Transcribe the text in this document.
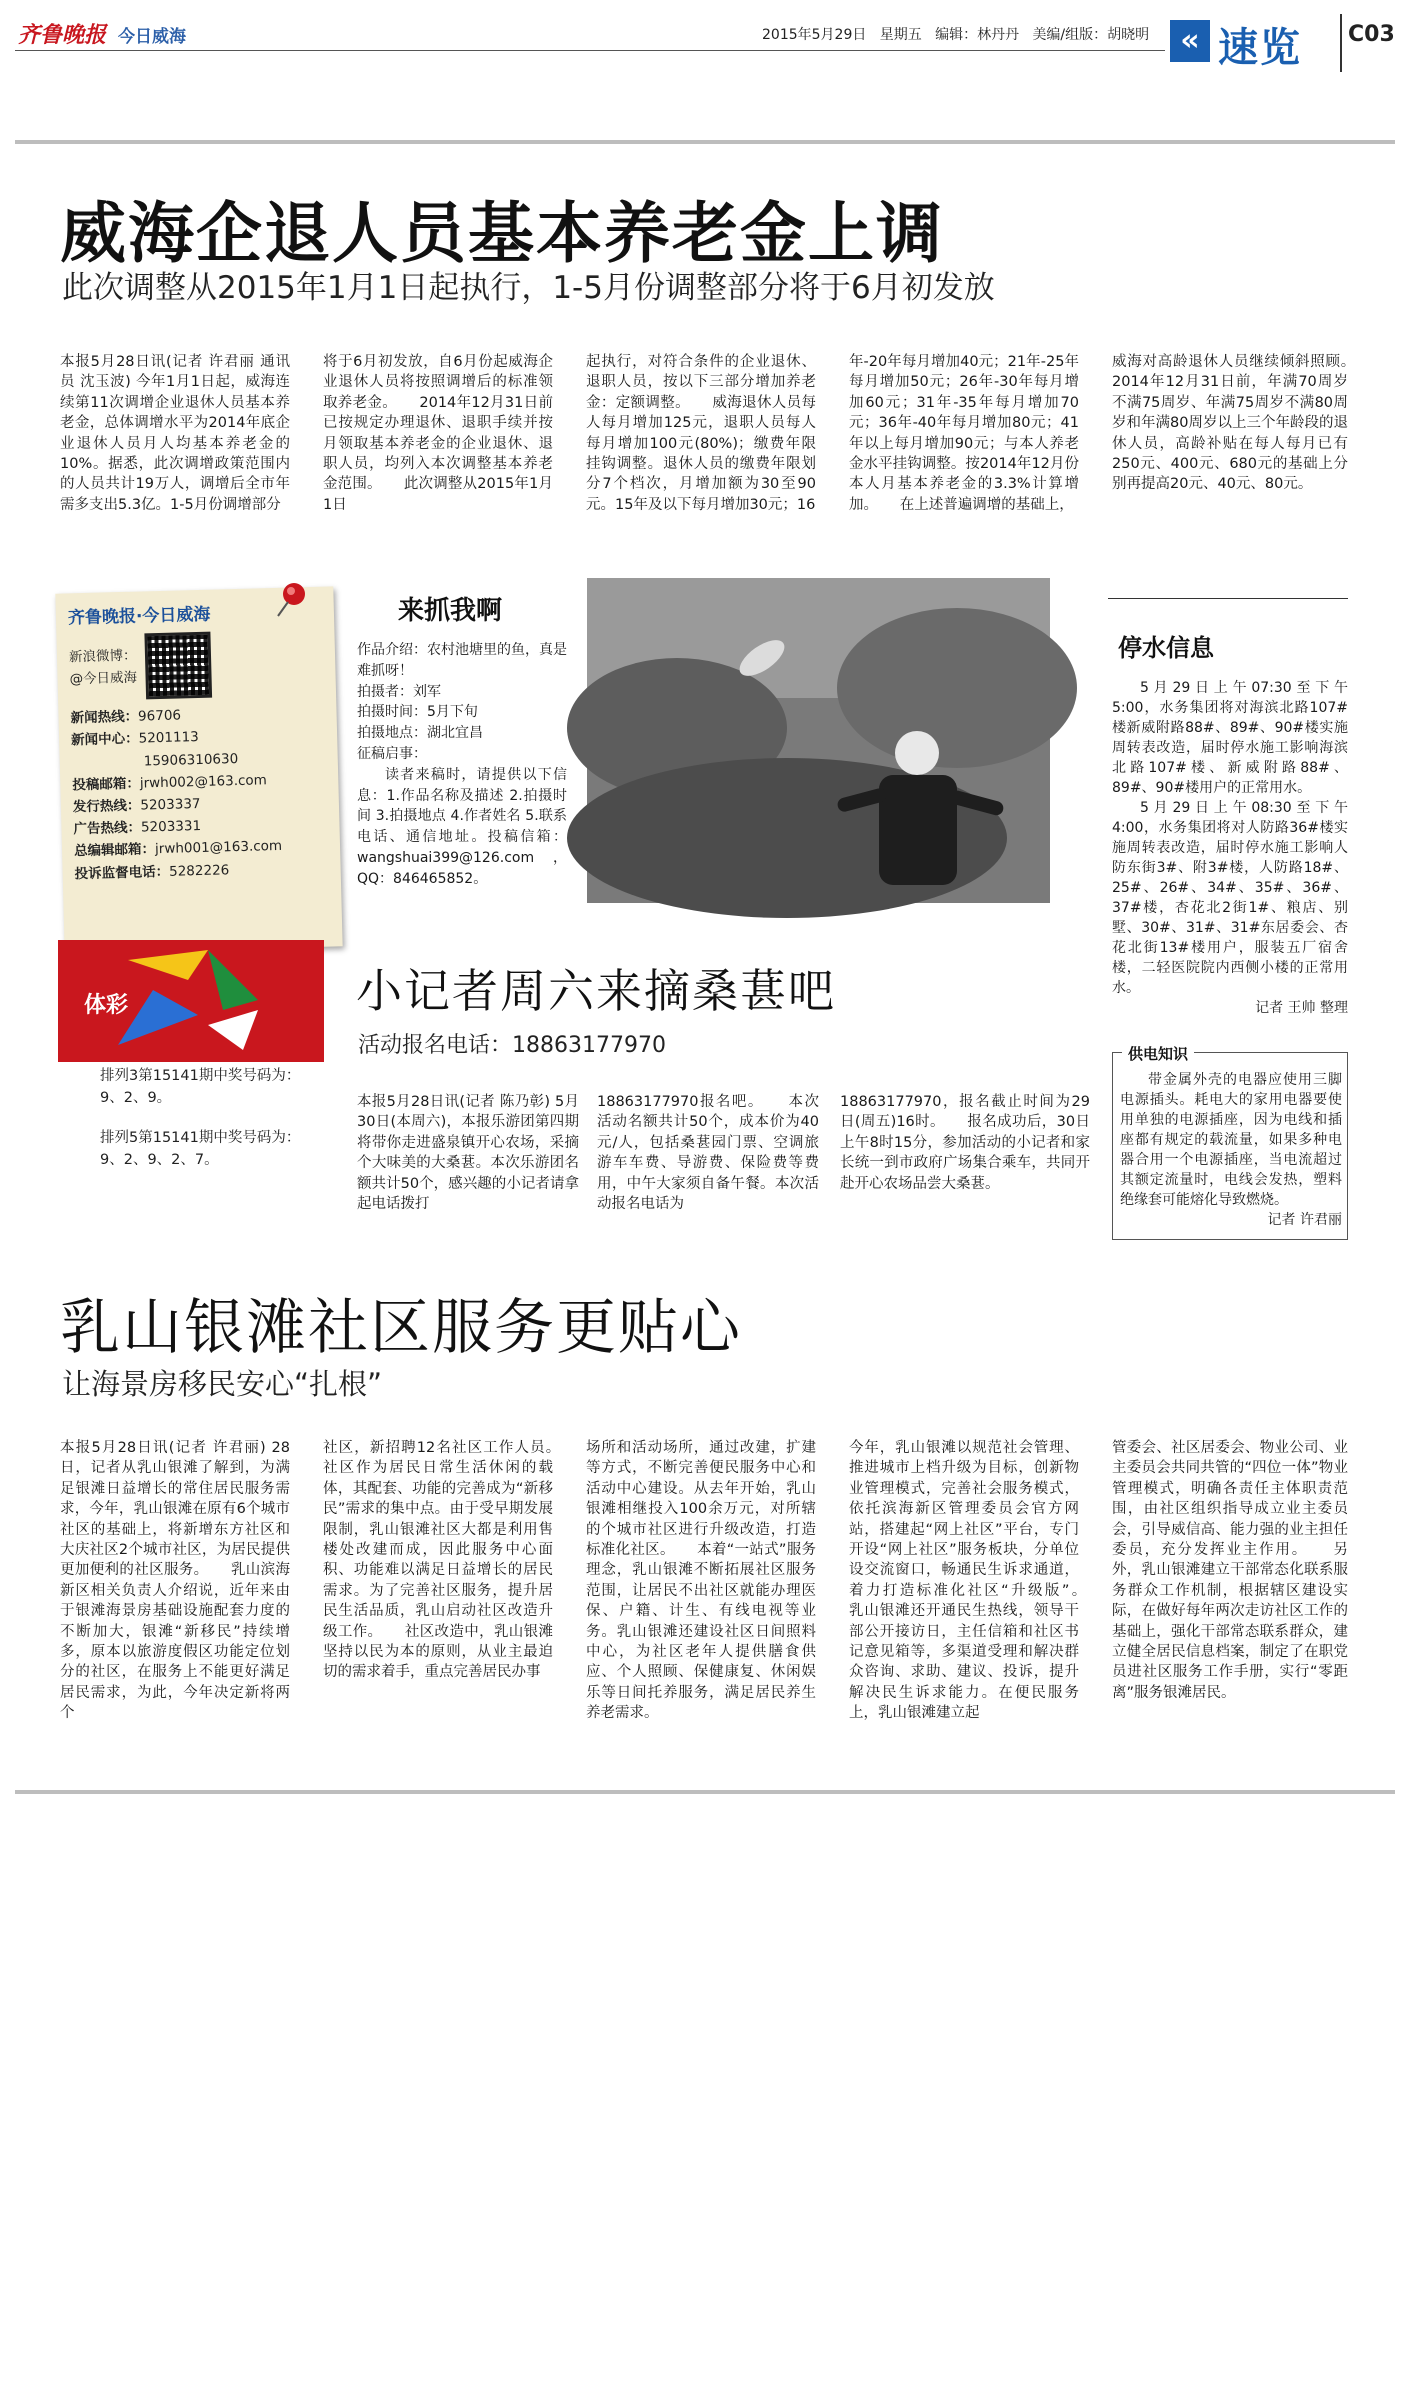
齐鲁晚报 今日威海	2015年5月29日 星期五 编辑：林丹丹 美编/组版：胡晓明	« 速览 C03
威海企退人员基本养老金上调
此次调整从2015年1月1日起执行，1-5月份调整部分将于6月初发放
本报5月28日讯(记者 许君丽 通讯员 沈玉波) 今年1月1日起，威海连续第11次调增企业退休人员基本养老金，总体调增水平为2014年底企业退休人员月人均基本养老金的10%。据悉，此次调增政策范围内的人员共计19万人，调增后全市年需多支出5.3亿。1-5月份调增部分
将于6月初发放，自6月份起威海企业退休人员将按照调增后的标准领取养老金。　　2014年12月31日前已按规定办理退休、退职手续并按月领取基本养老金的企业退休、退职人员，均列入本次调整基本养老金范围。　　此次调整从2015年1月1日
起执行，对符合条件的企业退休、退职人员，按以下三部分增加养老金：定额调整。　　威海退休人员每人每月增加125元，退职人员每人每月增加100元(80%)；缴费年限挂钩调整。退休人员的缴费年限划分7个档次，月增加额为30至90元。15年及以下每月增加30元；16
年-20年每月增加40元；21年-25年每月增加50元；26年-30年每月增加60元；31年-35年每月增加70元；36年-40年每月增加80元；41年以上每月增加90元；与本人养老金水平挂钩调整。按2014年12月份本人月基本养老金的3.3%计算增加。　　在上述普遍调增的基础上，
威海对高龄退休人员继续倾斜照顾。　　2014年12月31日前，年满70周岁不满75周岁、年满75周岁不满80周岁和年满80周岁以上三个年龄段的退休人员，高龄补贴在每人每月已有250元、400元、680元的基础上分别再提高20元、40元、80元。
齐鲁晚报·今日威海
新浪微博：
@今日威海
新闻热线：96706
新闻中心：5201113
15906310630
投稿邮箱：jrwh002@163.com
发行热线：5203337
广告热线：5203331
总编辑邮箱：jrwh001@163.com
投诉监督电话：5282226
来抓我啊
作品介绍：农村池塘里的鱼，真是难抓呀！
拍摄者：刘军
拍摄时间：5月下旬
拍摄地点：湖北宜昌
征稿启事：
读者来稿时，请提供以下信息：1.作品名称及描述 2.拍摄时间 3.拍摄地点 4.作者姓名 5.联系电话、通信地址。投稿信箱：wangshuai399@126.com，QQ：846465852。
停水信息
5月29日上午07:30至下午5:00，水务集团将对海滨北路107#楼新威附路88#、89#、90#楼实施周转表改造，届时停水施工影响海滨北路107#楼、新威附路88#、89#、90#楼用户的正常用水。
5月29日上午08:30至下午4:00，水务集团将对人防路36#楼实施周转表改造，届时停水施工影响人防东街3#、附3#楼，人防路18#、25#、26#、34#、35#、36#、37#楼，杏花北2街1#、粮店、别墅、30#、31#、31#东居委会、杏花北街13#楼用户，服装五厂宿舍楼，二轻医院院内西侧小楼的正常用水。
记者 王帅 整理
供电知识
带金属外壳的电器应使用三脚电源插头。耗电大的家用电器要使用单独的电源插座，因为电线和插座都有规定的载流量，如果多种电器合用一个电源插座，当电流超过其额定流量时，电线会发热，塑料绝缘套可能熔化导致燃烧。
记者 许君丽
体彩
排列3第15141期中奖号码为：9、2、9。
排列5第15141期中奖号码为：9、2、9、2、7。
小记者周六来摘桑葚吧
活动报名电话：18863177970
本报5月28日讯(记者 陈乃彰) 5月30日(本周六)，本报乐游团第四期将带你走进盛泉镇开心农场，采摘个大味美的大桑葚。本次乐游团名额共计50个，感兴趣的小记者请拿起电话拨打
18863177970报名吧。　　本次活动名额共计50个，成本价为40元/人，包括桑葚园门票、空调旅游车车费、导游费、保险费等费用，中午大家须自备午餐。本次活动报名电话为
18863177970，报名截止时间为29日(周五)16时。　　报名成功后，30日上午8时15分，参加活动的小记者和家长统一到市政府广场集合乘车，共同开赴开心农场品尝大桑葚。
乳山银滩社区服务更贴心
让海景房移民安心“扎根”
本报5月28日讯(记者 许君丽) 28日，记者从乳山银滩了解到，为满足银滩日益增长的常住居民服务需求，今年，乳山银滩在原有6个城市社区的基础上，将新增东方社区和大庆社区2个城市社区，为居民提供更加便利的社区服务。　　乳山滨海新区相关负责人介绍说，近年来由于银滩海景房基础设施配套力度的不断加大，银滩“新移民”持续增多，原本以旅游度假区功能定位划分的社区，在服务上不能更好满足居民需求，为此，今年决定新将两个
社区，新招聘12名社区工作人员。　　社区作为居民日常生活休闲的载体，其配套、功能的完善成为“新移民”需求的集中点。由于受早期发展限制，乳山银滩社区大都是利用售楼处改建而成，因此服务中心面积、功能难以满足日益增长的居民需求。为了完善社区服务，提升居民生活品质，乳山启动社区改造升级工作。　　社区改造中，乳山银滩坚持以民为本的原则，从业主最迫切的需求着手，重点完善居民办事
场所和活动场所，通过改建，扩建等方式，不断完善便民服务中心和活动中心建设。从去年开始，乳山银滩相继投入100余万元，对所辖的个城市社区进行升级改造，打造标准化社区。　　本着“一站式”服务理念，乳山银滩不断拓展社区服务范围，让居民不出社区就能办理医保、户籍、计生、有线电视等业务。乳山银滩还建设社区日间照料中心，为社区老年人提供膳食供应、个人照顾、保健康复、休闲娱乐等日间托养服务，满足居民养生养老需求。
今年，乳山银滩以规范社会管理、推进城市上档升级为目标，创新物业管理模式，完善社会服务模式，依托滨海新区管理委员会官方网站，搭建起“网上社区”平台，专门开设“网上社区”服务板块，分单位设交流窗口，畅通民生诉求通道，着力打造标准化社区“升级版”。　　乳山银滩还开通民生热线，领导干部公开接访日，主任信箱和社区书记意见箱等，多渠道受理和解决群众咨询、求助、建议、投诉，提升解决民生诉求能力。在便民服务上，乳山银滩建立起
管委会、社区居委会、物业公司、业主委员会共同共管的“四位一体”物业管理模式，明确各责任主体职责范围，由社区组织指导成立业主委员会，引导威信高、能力强的业主担任委员，充分发挥业主作用。　　另外，乳山银滩建立干部常态化联系服务群众工作机制，根据辖区建设实际，在做好每年两次走访社区工作的基础上，强化干部常态联系群众，建立健全居民信息档案，制定了在职党员进社区服务工作手册，实行“零距离”服务银滩居民。
